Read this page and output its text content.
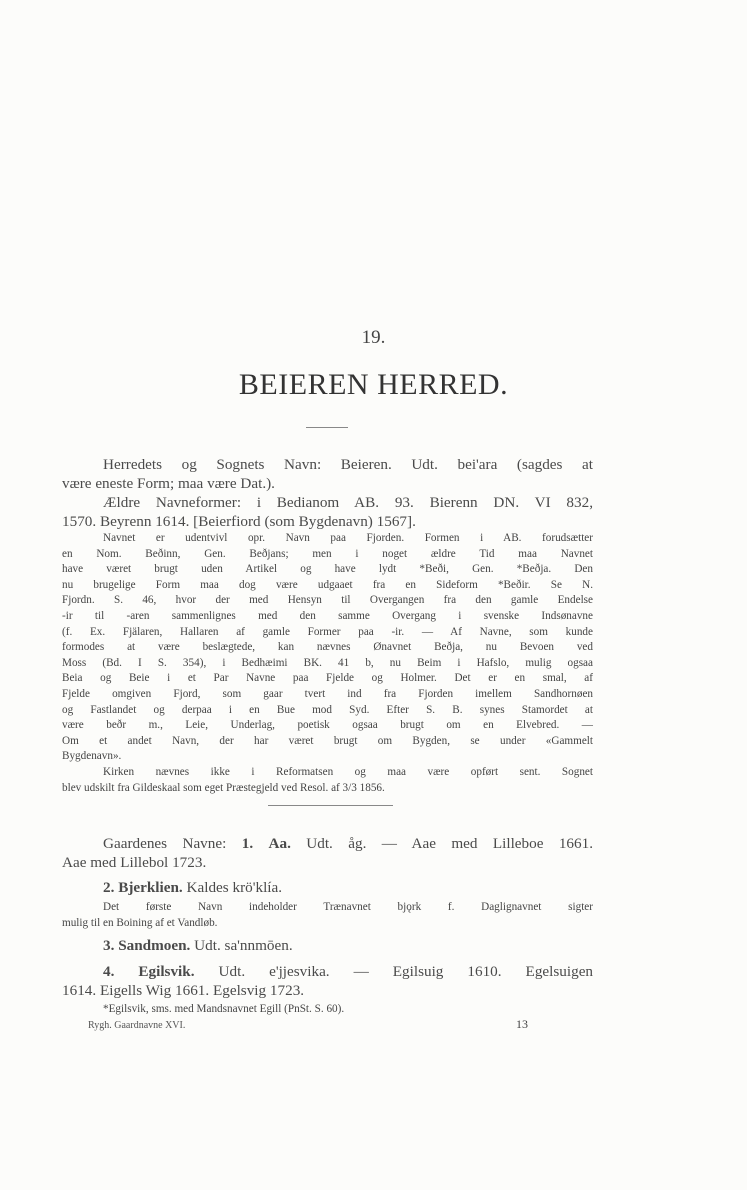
19.
BEIEREN HERRED.

Herredets og Sognets Navn: Beieren. Udt. bei'ara (sagdes at

være eneste Form; maa være Dat.).

Ældre Navneformer: i Bedianom AB. 93. Bierenn DN. VI 832,

1570. Beyrenn 1614. [Beierfiord (som Bygdenavn) 1567].

Navnet er udentvivl opr. Navn paa Fjorden. Formen i AB. forudsætter

en Nom. Beðinn, Gen. Beðjans; men i noget ældre Tid maa Navnet

have været brugt uden Artikel og have lydt *Beði, Gen. *Beðja. Den

nu brugelige Form maa dog være udgaaet fra en Sideform *Beðir. Se N.

Fjordn. S. 46, hvor der med Hensyn til Overgangen fra den gamle Endelse

-ir til -aren sammenlignes med den samme Overgang i svenske Indsønavne

(f. Ex. Fjälaren, Hallaren af gamle Former paa -ir. — Af Navne, som kunde

formodes at være beslægtede, kan nævnes Ønavnet Beðja, nu Bevoen ved

Moss (Bd. I S. 354), i Bedhæimi BK. 41 b, nu Beim i Hafslo, mulig ogsaa

Beia og Beie i et Par Navne paa Fjelde og Holmer. Det er en smal, af

Fjelde omgiven Fjord, som gaar tvert ind fra Fjorden imellem Sandhornøen

og Fastlandet og derpaa i en Bue mod Syd. Efter S. B. synes Stamordet at

være beðr m., Leie, Underlag, poetisk ogsaa brugt om en Elvebred. —

Om et andet Navn, der har været brugt om Bygden, se under «Gammelt

Bygdenavn».

Kirken nævnes ikke i Reformatsen og maa være opført sent. Sognet

blev udskilt fra Gildeskaal som eget Præstegjeld ved Resol. af 3/3 1856.

Gaardenes Navne: 1. Aa. Udt. åg. — Aae med Lilleboe 1661.

Aae med Lillebol 1723.

2. Bjerklien. Kaldes krö'klía.

Det første Navn indeholder Trænavnet bjǫrk f. Daglignavnet sigter

mulig til en Boining af et Vandløb.

3. Sandmoen. Udt. sa'nnmōen.

4. Egilsvik. Udt. e'jjesvika. — Egilsuig 1610. Egelsuigen

1614. Eigells Wig 1661. Egelsvig 1723.

*Egilsvik, sms. med Mandsnavnet Egill (PnSt. S. 60).

Rygh. Gaardnavne XVI.	13
